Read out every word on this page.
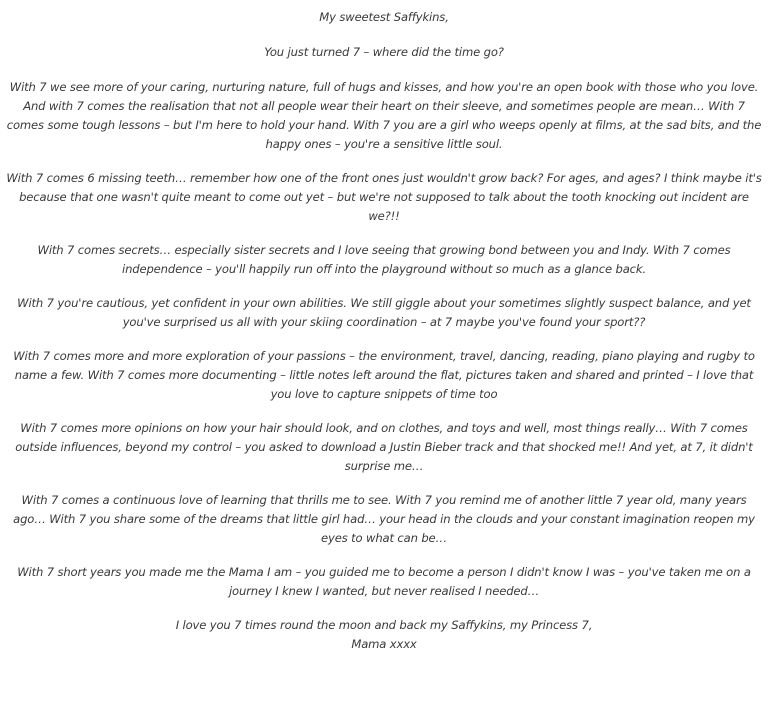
My sweetest Saffykins,

You just turned 7 – where did the time go?

With 7 we see more of your caring, nurturing nature, full of hugs and kisses, and how you're an open book with those who you love. And with 7 comes the realisation that not all people wear their heart on their sleeve, and sometimes people are mean… With 7 comes some tough lessons – but I'm here to hold your hand. With 7 you are a girl who weeps openly at films, at the sad bits, and the happy ones – you're a sensitive little soul.

With 7 comes 6 missing teeth… remember how one of the front ones just wouldn't grow back? For ages, and ages? I think maybe it's because that one wasn't quite meant to come out yet – but we're not supposed to talk about the tooth knocking out incident are we?!!

With 7 comes secrets… especially sister secrets and I love seeing that growing bond between you and Indy. With 7 comes independence – you'll happily run off into the playground without so much as a glance back.

With 7 you're cautious, yet confident in your own abilities. We still giggle about your sometimes slightly suspect balance, and yet you've surprised us all with your skiing coordination – at 7 maybe you've found your sport??

With 7 comes more and more exploration of your passions – the environment, travel, dancing, reading, piano playing and rugby to name a few. With 7 comes more documenting – little notes left around the flat, pictures taken and shared and printed – I love that you love to capture snippets of time too

With 7 comes more opinions on how your hair should look, and on clothes, and toys and well, most things really… With 7 comes outside influences, beyond my control – you asked to download a Justin Bieber track and that shocked me!! And yet, at 7, it didn't surprise me…

With 7 comes a continuous love of learning that thrills me to see. With 7 you remind me of another little 7 year old, many years ago… With 7 you share some of the dreams that little girl had… your head in the clouds and your constant imagination reopen my eyes to what can be…

With 7 short years you made me the Mama I am – you guided me to become a person I didn't know I was – you've taken me on a journey I knew I wanted, but never realised I needed…

I love you 7 times round the moon and back my Saffykins, my Princess 7,
Mama xxxx
